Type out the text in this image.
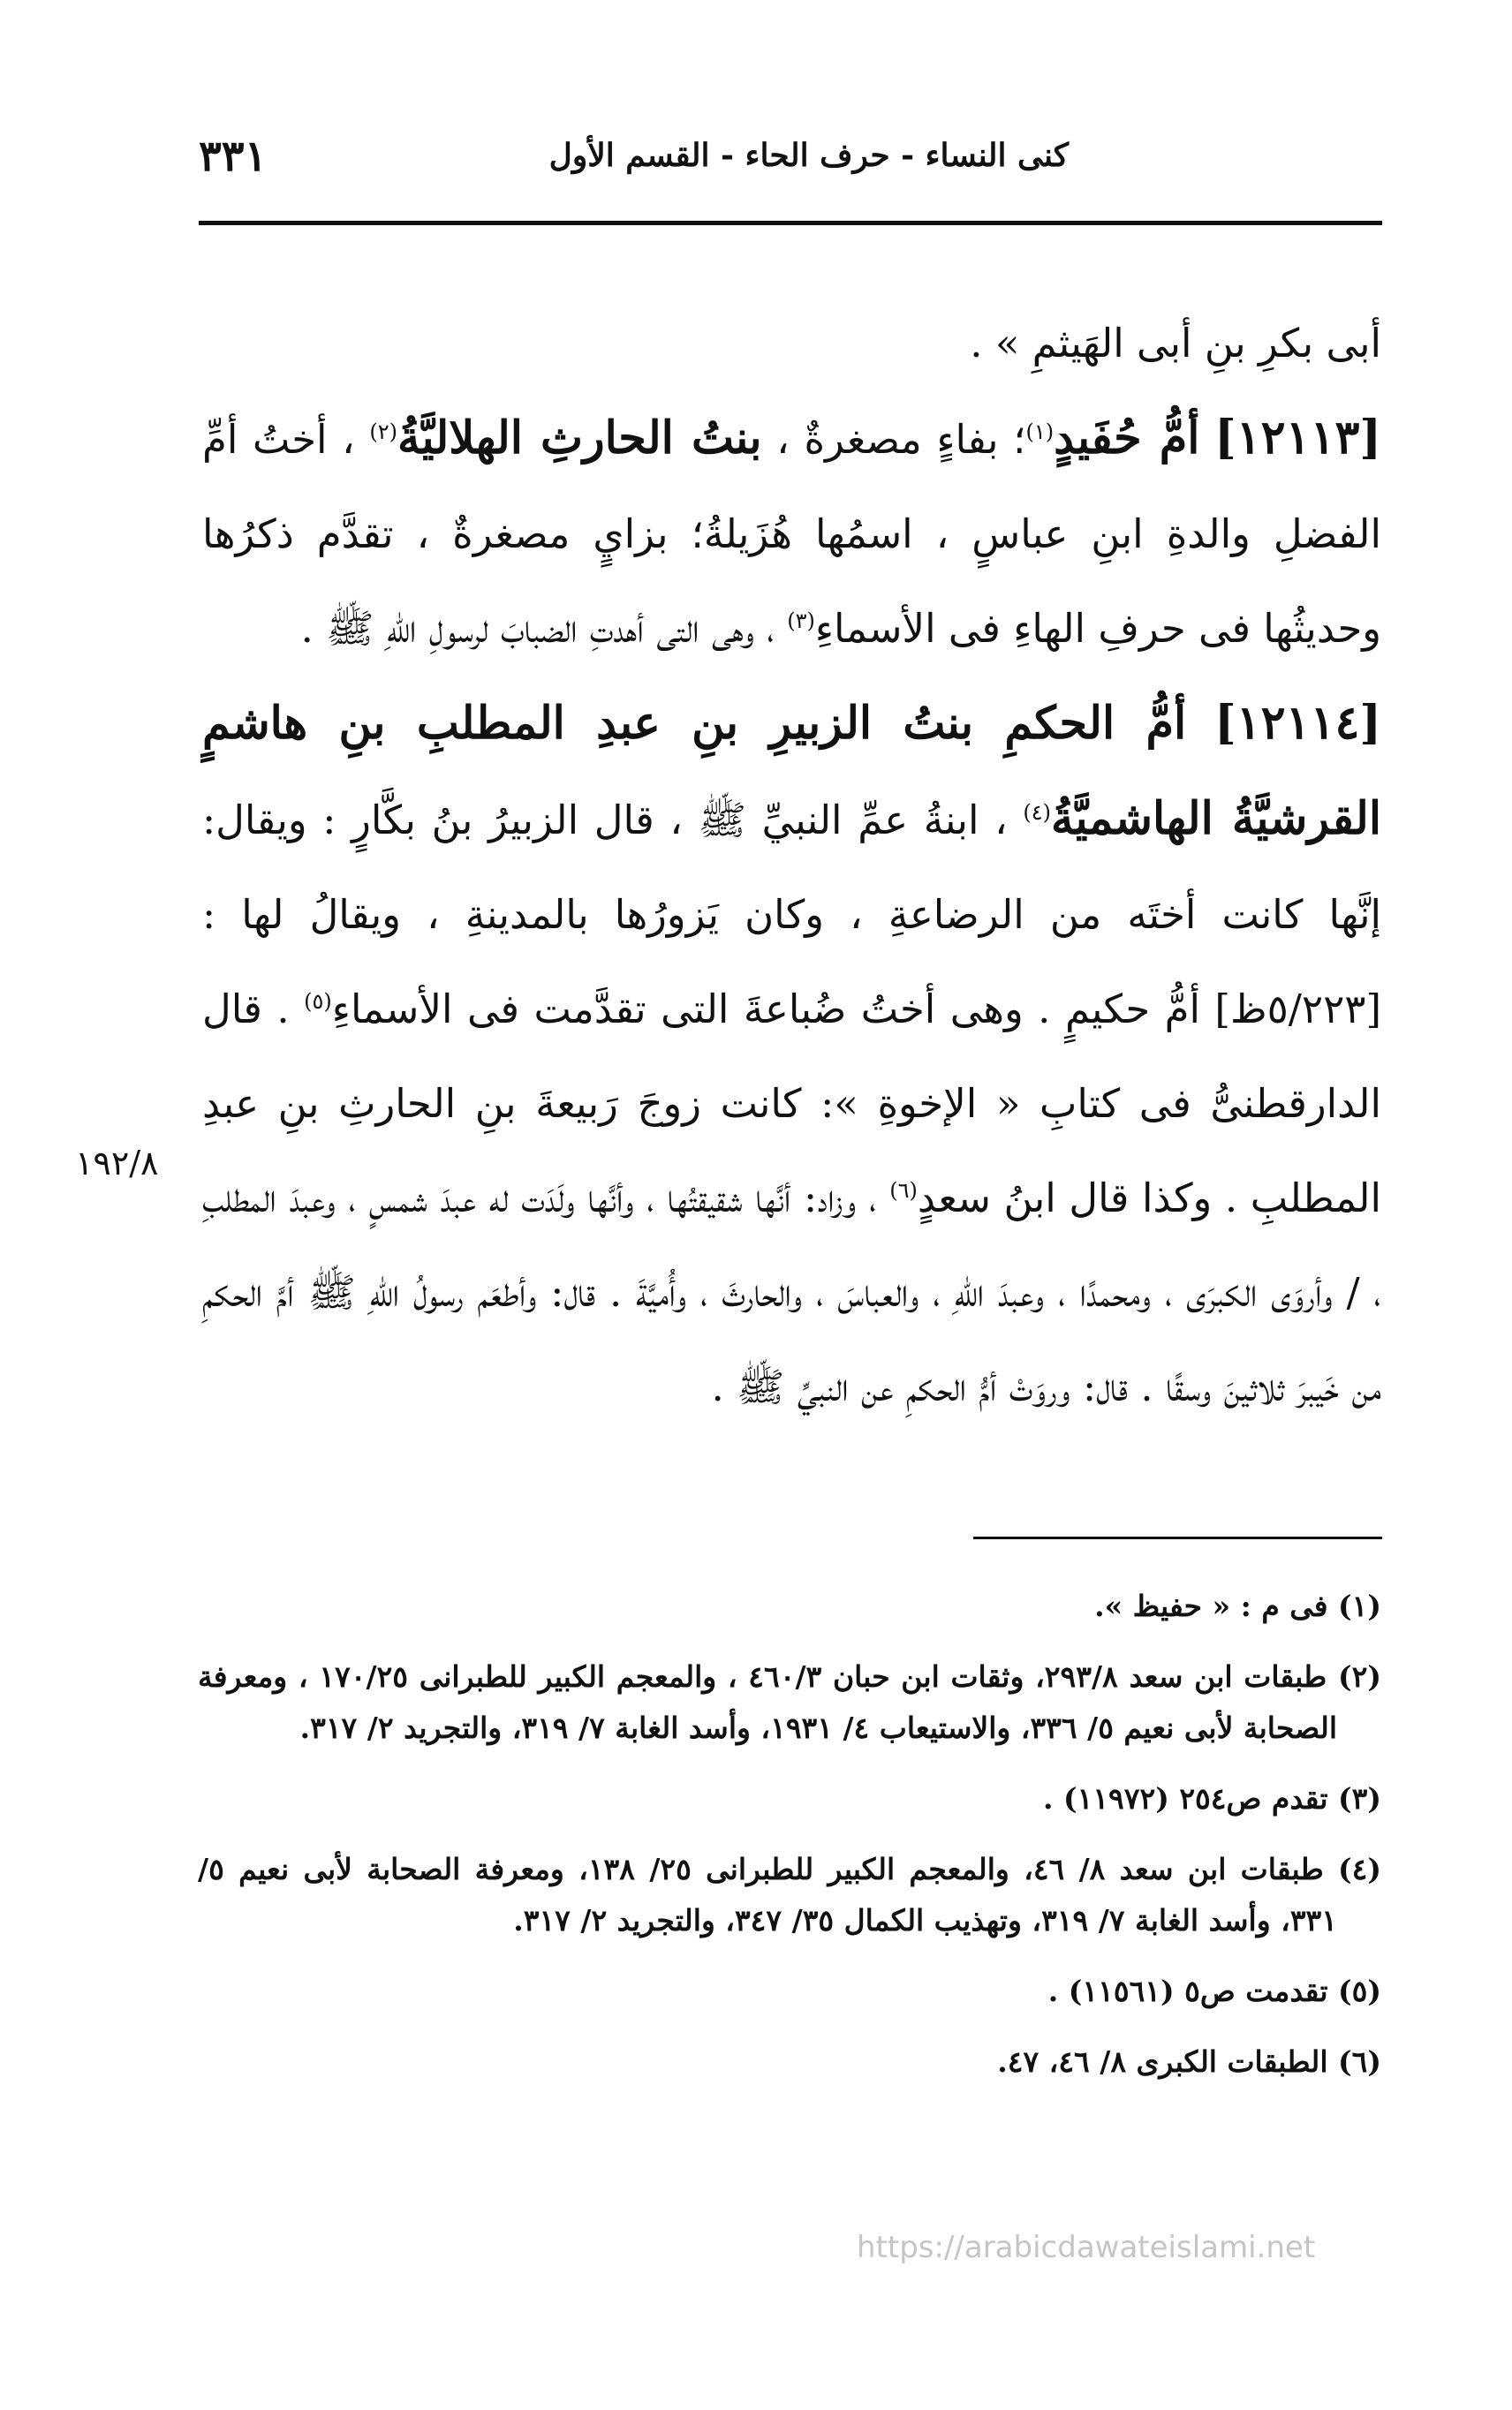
كنى النساء - حرف الحاء - القسم الأول
٣٣١

أبى بكرِ بنِ أبى الهَيثمِ » .

[١٢١١٣] أمُّ حُفَيدٍ$^{(١)}$؛ بفاءٍ مصغرةٌ ، بنتُ الحارثِ الهلاليَّةُ$^{(٢)}$ ، أختُ أمِّ الفضلِ والدةِ ابنِ عباسٍ ، اسمُها هُزَيلةُ؛ بزايٍ مصغرةٌ ، تقدَّم ذكرُها وحديثُها فى حرفِ الهاءِ فى الأسماءِ$^{(٣)}$ ، وهى التى أهدتِ الضبابَ لرسولِ اللهِ ﷺ .

[١٢١١٤] أمُّ الحكمِ بنتُ الزبيرِ بنِ عبدِ المطلبِ بنِ هاشمٍ القرشيَّةُ الهاشميَّةُ$^{(٤)}$ ، ابنةُ عمِّ النبيِّ ﷺ ، قال الزبيرُ بنُ بكَّارٍ : ويقال: إنَّها كانت أختَه من الرضاعةِ ، وكان يَزورُها بالمدينةِ ، ويقالُ لها : [٥/٢٢٣ظ] أمُّ حكيمٍ . وهى أختُ ضُباعةَ التى تقدَّمت فى الأسماءِ$^{(٥)}$ . قال الدارقطنىُّ فى كتابِ « الإخوةِ »: كانت زوجَ رَبيعةَ بنِ الحارثِ بنِ عبدِ المطلبِ . وكذا قال ابنُ سعدٍ$^{(٦)}$ ، وزاد: أنَّها شقيقتُها ، وأنَّها ولَدَت له عبدَ شمسٍ ، وعبدَ المطلبِ ، / وأروَى الكبرَى ، ومحمدًا ، وعبدَ اللهِ ، والعباسَ ، والحارثَ ، وأُميَّةَ . قال: وأطعَم رسولُ اللهِ ﷺ أمَّ الحكمِ من خَيبرَ ثلاثينَ وسقًا . قال: وروَتْ أمُّ الحكمِ عن النبيِّ ﷺ .

١٩٢/٨

(١) فى م : « حفيظ ».

(٢) طبقات ابن سعد ٢٩٣/٨، وثقات ابن حبان ٤٦٠/٣ ، والمعجم الكبير للطبرانى ١٧٠/٢٥ ، ومعرفة الصحابة لأبى نعيم ٥/ ٣٣٦، والاستيعاب ٤/ ١٩٣١، وأسد الغابة ٧/ ٣١٩، والتجريد ٢/ ٣١٧.

(٣) تقدم ص٢٥٤ (١١٩٧٢) .

(٤) طبقات ابن سعد ٨/ ٤٦، والمعجم الكبير للطبرانى ٢٥/ ١٣٨، ومعرفة الصحابة لأبى نعيم ٥/ ٣٣١، وأسد الغابة ٧/ ٣١٩، وتهذيب الكمال ٣٥/ ٣٤٧، والتجريد ٢/ ٣١٧.

(٥) تقدمت ص٥ (١١٥٦١) .

(٦) الطبقات الكبرى ٨/ ٤٦، ٤٧.

https://arabicdawateislami.net
